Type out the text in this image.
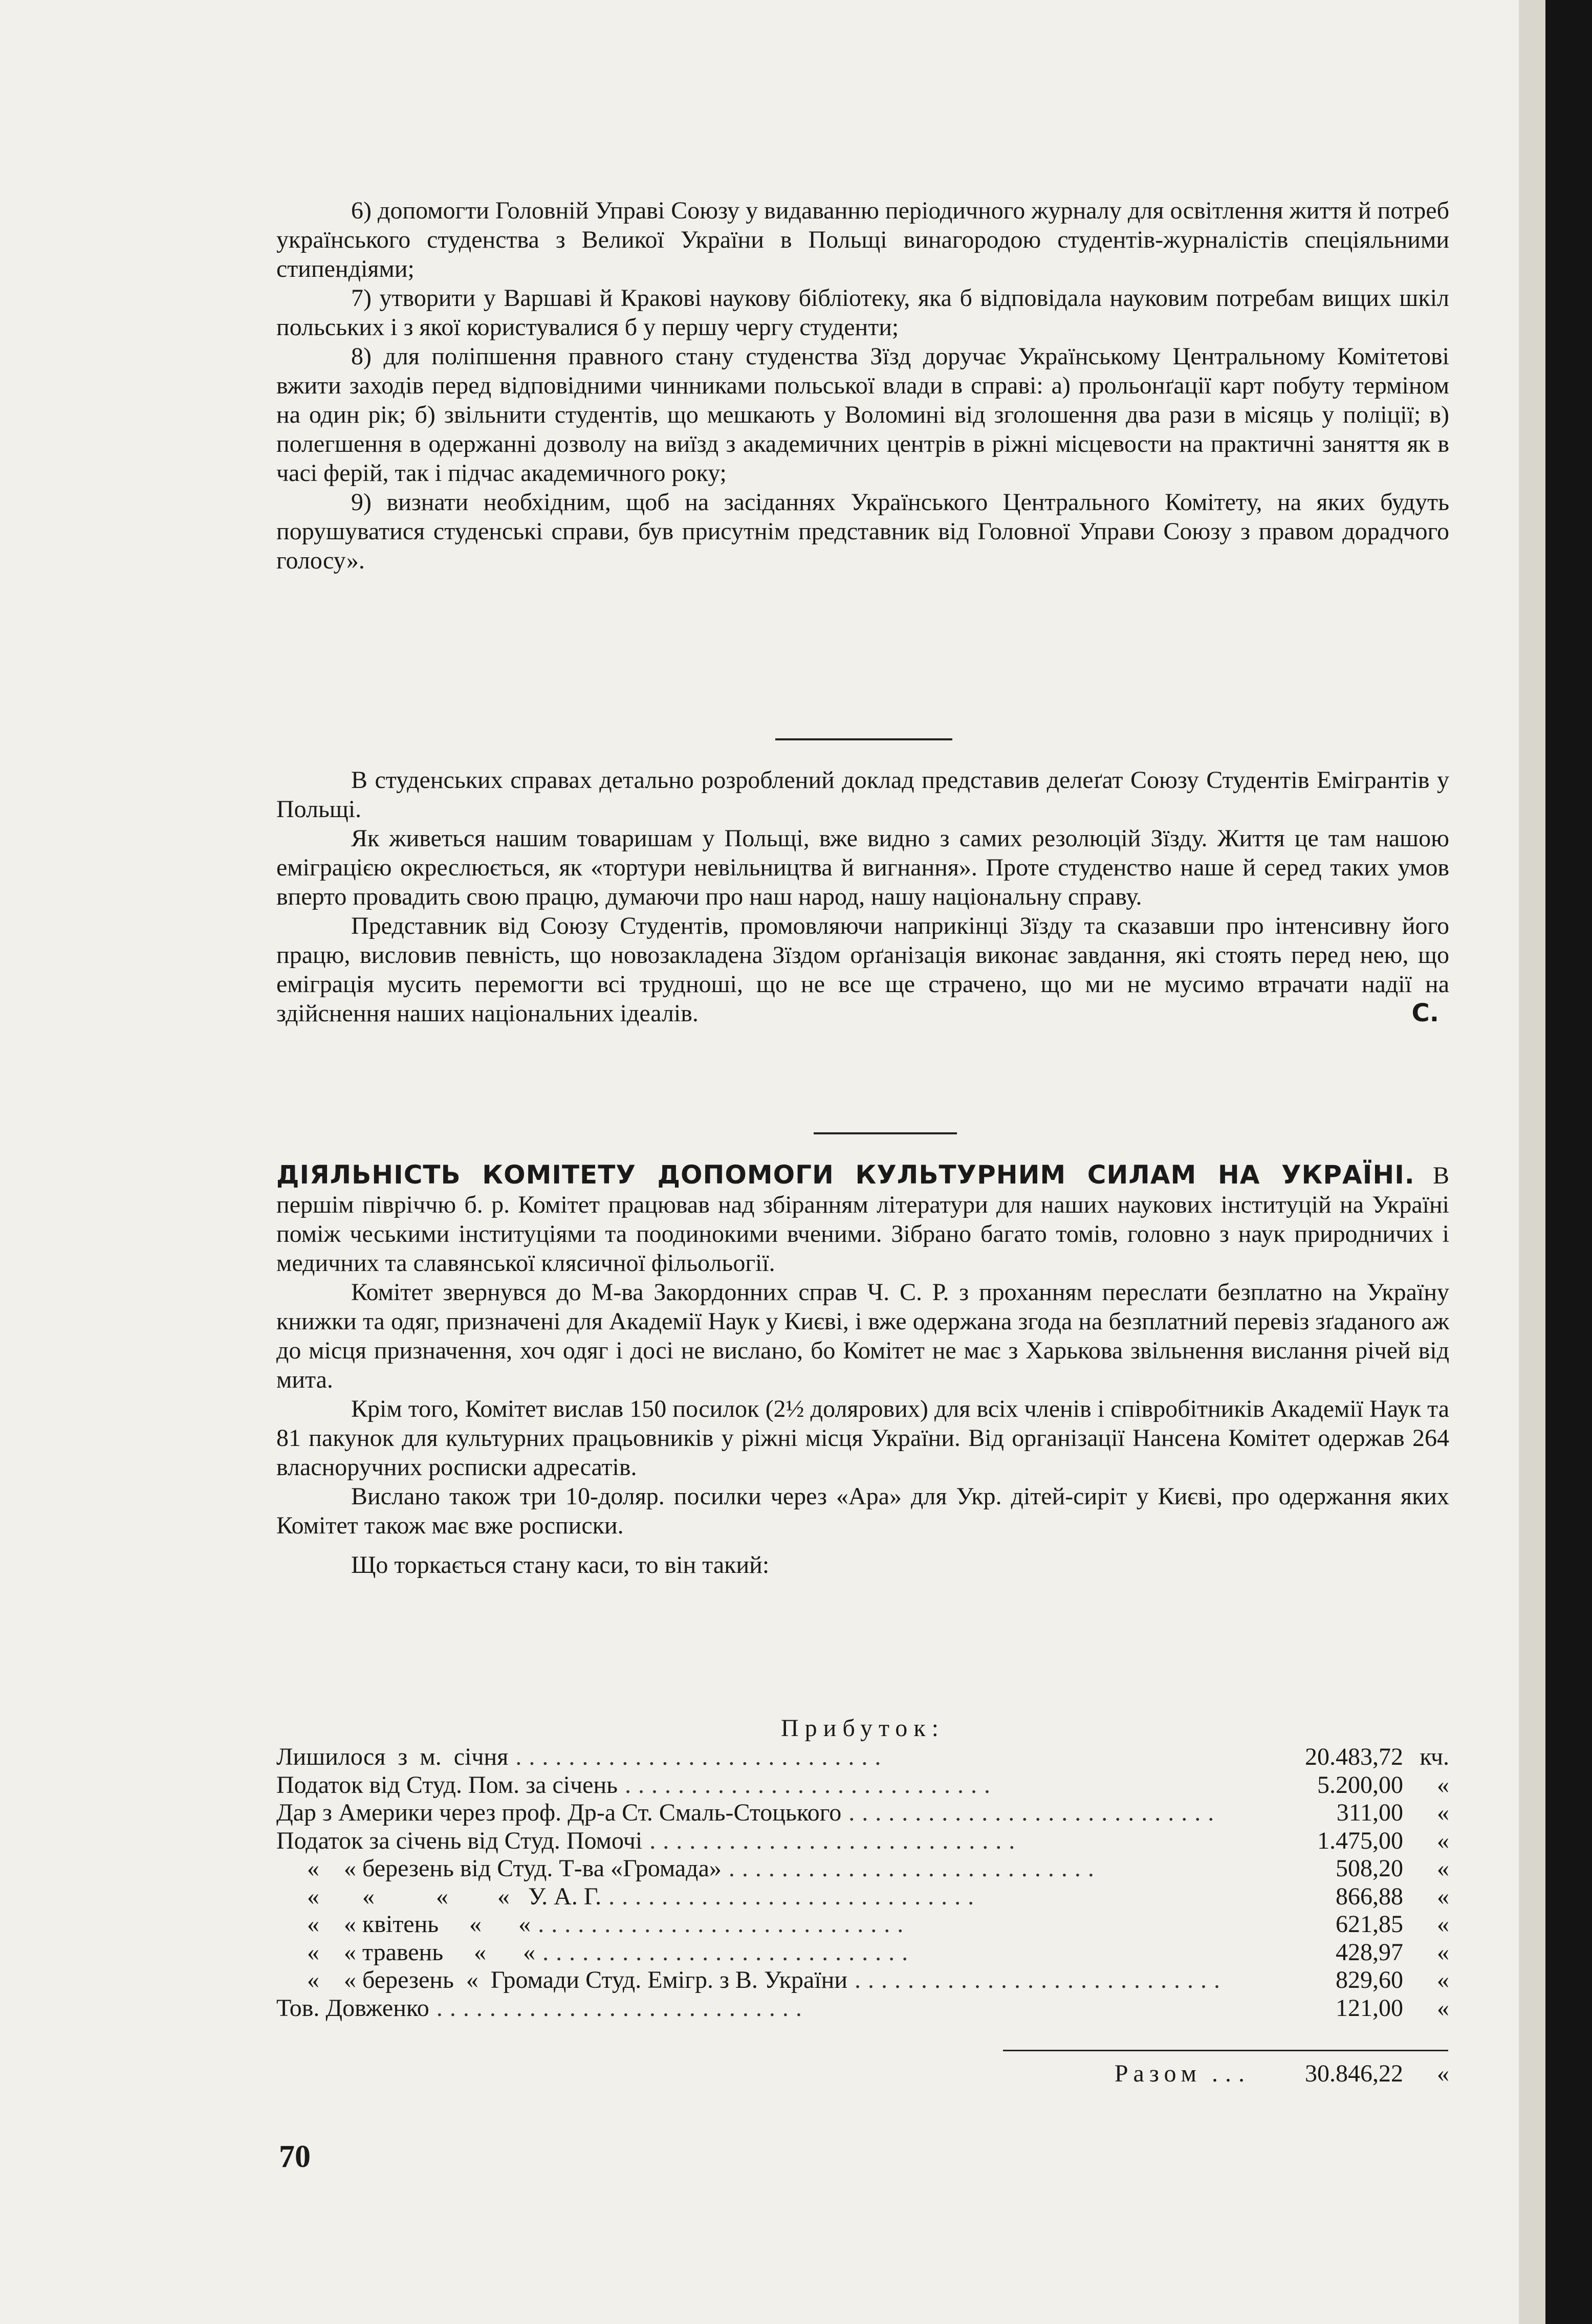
6) допомогти Головній Управі Союзу у видаванню періодичного журналу для освітлення життя й потреб українського студенства з Великої України в Польщі винагородою студентів-журналістів спеціяльними стипендіями;

7) утворити у Варшаві й Кракові наукову бібліотеку, яка б відповідала науковим потребам вищих шкіл польських і з якої користувалися б у першу чергу студенти;

8) для поліпшення правного стану студенства Зїзд доручає Українському Центральному Комітетові вжити заходів перед відповідними чинниками польської влади в справі: а) прольонґації карт побуту терміном на один рік; б) звільнити студентів, що мешкають у Воломині від зголошення два рази в місяць у поліції; в) полегшення в одержанні дозволу на виїзд з академичних центрів в ріжні місцевости на практичні заняття як в часі ферій, так і підчас академичного року;

9) визнати необхідним, щоб на засіданнях Українського Центрального Комітету, на яких будуть порушуватися студенські справи, був присутнім представник від Головної Управи Союзу з правом дорадчого голосу».

В студенських справах детально розроблений доклад представив делеґат Союзу Студентів Емігрантів у Польщі.

Як живеться нашим товаришам у Польщі, вже видно з самих резолюцій Зїзду. Життя це там нашою еміграцією окреслюється, як «тортури невільництва й вигнання». Проте студенство наше й серед таких умов вперто провадить свою працю, думаючи про наш народ, нашу національну справу.

Представник від Союзу Студентів, промовляючи наприкінці Зїзду та сказавши про інтенсивну його працю, висловив певність, що новозакладена Зїздом орґанізація виконає завдання, які стоять перед нею, що еміграція мусить перемогти всі трудноші, що не все ще страчено, що ми не мусимо втрачати надії на здійснення наших національних ідеалів.	С.

ДІЯЛЬНІСТЬ КОМІТЕТУ ДОПОМОГИ КУЛЬТУРНИМ СИЛАМ НА УКРАЇНІ. В першім півріччю б. р. Комітет працював над збіранням літератури для наших наукових інституцій на Україні поміж чеськими інституціями та поодинокими вченими. Зібрано багато томів, головно з наук природничих і медичних та славянської клясичної фільольогії.

Комітет звернувся до М-ва Закордонних справ Ч. С. Р. з проханням переслати безплатно на Україну книжки та одяг, призначені для Академії Наук у Києві, і вже одержана згода на безплатний перевіз зґаданого аж до місця призначення, хоч одяг і досі не вислано, бо Комітет не має з Харькова звільнення вислання річей від мита.

Крім того, Комітет вислав 150 посилок (2½ долярових) для всіх членів і співробітників Академії Наук та 81 пакунок для культурних працьовників у ріжні місця України. Від організації Нансена Комітет одержав 264 власноручних росписки адресатів.

Вислано також три 10-доляр. посилки через «Ара» для Укр. дітей-сиріт у Києві, про одержання яких Комітет також має вже росписки.

Що торкається стану каси, то він такий:

Прибуток:
Лишилося  з  м.  січня ............................	20.483,72 кч.
Податок від Студ. Пом. за січень ............................	5.200,00	«
Дар з Америки через проф. Др-а Ст. Смаль-Стоцького ............................	311,00	«
Податок за січень від Студ. Помочі ............................	1.475,00	«
«    « березень від Студ. Т-ва «Громада» ............................	508,20	«
«       «          «        «   У. А. Г. ............................	866,88	«
«    « квітень     «      « ............................	621,85	«
«    « травень     «      « ............................	428,97	«
«    « березень  «  Громади Студ. Емігр. з В. України ............................	829,60	«
Тов. Довженко ............................	121,00	«
Разом ...	30.846,22	«
70
